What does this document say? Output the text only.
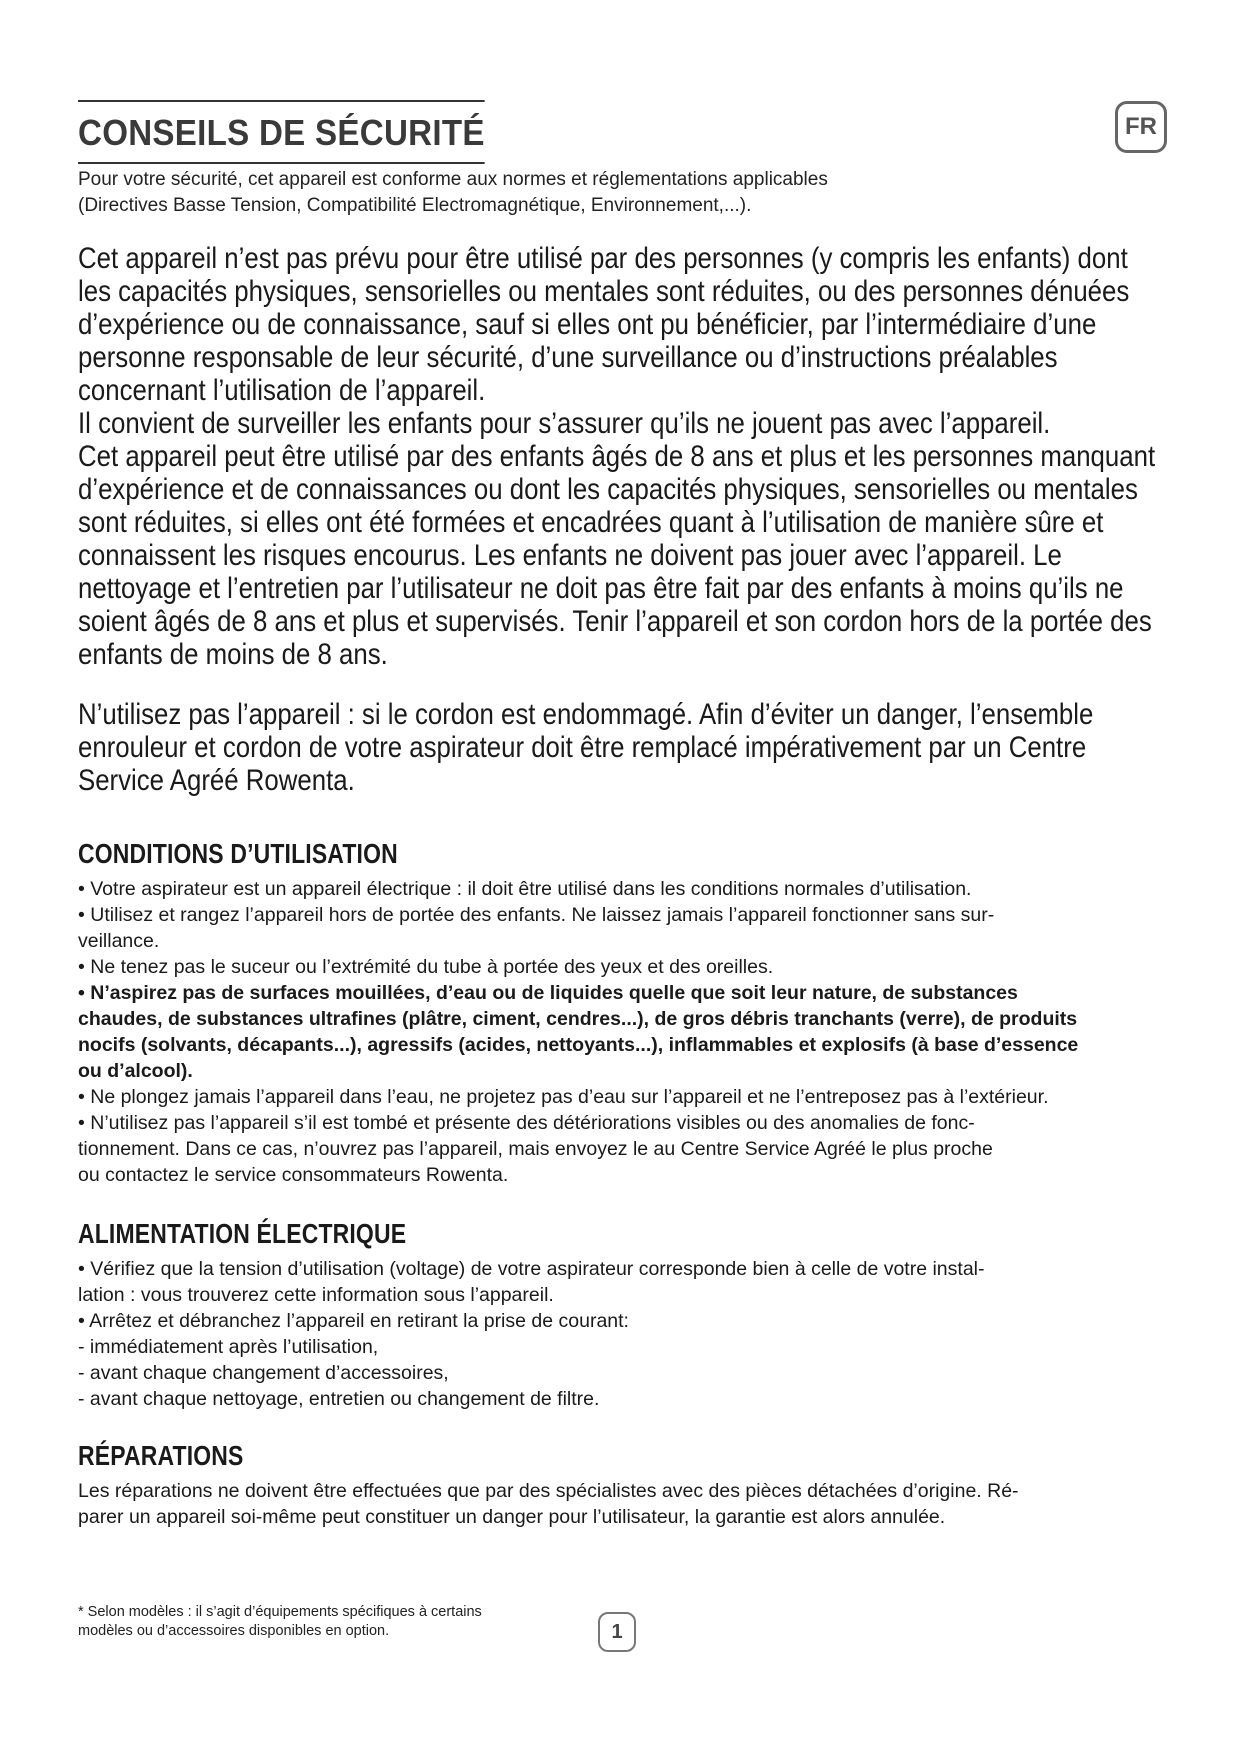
CONSEILS DE SÉCURITÉ	FR
Pour votre sécurité, cet appareil est conforme aux normes et réglementations applicables
(Directives Basse Tension, Compatibilité Electromagnétique, Environnement,...).

Cet appareil n’est pas prévu pour être utilisé par des personnes (y compris les enfants) dont

les capacités physiques, sensorielles ou mentales sont réduites, ou des personnes dénuées

d’expérience ou de connaissance, sauf si elles ont pu bénéficier, par l’intermédiaire d’une

personne responsable de leur sécurité, d’une surveillance ou d’instructions préalables

concernant l’utilisation de l’appareil.

Il convient de surveiller les enfants pour s’assurer qu’ils ne jouent pas avec l’appareil.

Cet appareil peut être utilisé par des enfants âgés de 8 ans et plus et les personnes manquant

d’expérience et de connaissances ou dont les capacités physiques, sensorielles ou mentales

sont réduites, si elles ont été formées et encadrées quant à l’utilisation de manière sûre et

connaissent les risques encourus. Les enfants ne doivent pas jouer avec l’appareil. Le

nettoyage et l’entretien par l’utilisateur ne doit pas être fait par des enfants à moins qu’ils ne

soient âgés de 8 ans et plus et supervisés. Tenir l’appareil et son cordon hors de la portée des

enfants de moins de 8 ans.

N’utilisez pas l’appareil : si le cordon est endommagé. Afin d’éviter un danger, l’ensemble

enrouleur et cordon de votre aspirateur doit être remplacé impérativement par un Centre

Service Agréé Rowenta.

CONDITIONS D’UTILISATION

• Votre aspirateur est un appareil électrique : il doit être utilisé dans les conditions normales d’utilisation.

• Utilisez et rangez l’appareil hors de portée des enfants. Ne laissez jamais l’appareil fonctionner sans sur-

veillance.

• Ne tenez pas le suceur ou l’extrémité du tube à portée des yeux et des oreilles.

• N’aspirez pas de surfaces mouillées, d’eau ou de liquides quelle que soit leur nature, de substances

chaudes, de substances ultrafines (plâtre, ciment, cendres...), de gros débris tranchants (verre), de produits

nocifs (solvants, décapants...), agressifs (acides, nettoyants...), inflammables et explosifs (à base d’essence

ou d’alcool).

• Ne plongez jamais l’appareil dans l’eau, ne projetez pas d’eau sur l’appareil et ne l’entreposez pas à l’extérieur.

• N’utilisez pas l’appareil s’il est tombé et présente des détériorations visibles ou des anomalies de fonc-

tionnement. Dans ce cas, n’ouvrez pas l’appareil, mais envoyez le au Centre Service Agréé le plus proche

ou contactez le service consommateurs Rowenta.

ALIMENTATION ÉLECTRIQUE

• Vérifiez que la tension d’utilisation (voltage) de votre aspirateur corresponde bien à celle de votre instal-

lation : vous trouverez cette information sous l’appareil.

• Arrêtez et débranchez l’appareil en retirant la prise de courant:

- immédiatement après l’utilisation,

- avant chaque changement d’accessoires,

- avant chaque nettoyage, entretien ou changement de filtre.

RÉPARATIONS

Les réparations ne doivent être effectuées que par des spécialistes avec des pièces détachées d’origine. Ré-

parer un appareil soi-même peut constituer un danger pour l’utilisateur, la garantie est alors annulée.

* Selon modèles : il s’agit d’équipements spécifiques à certains
modèles ou d’accessoires disponibles en option.	1
